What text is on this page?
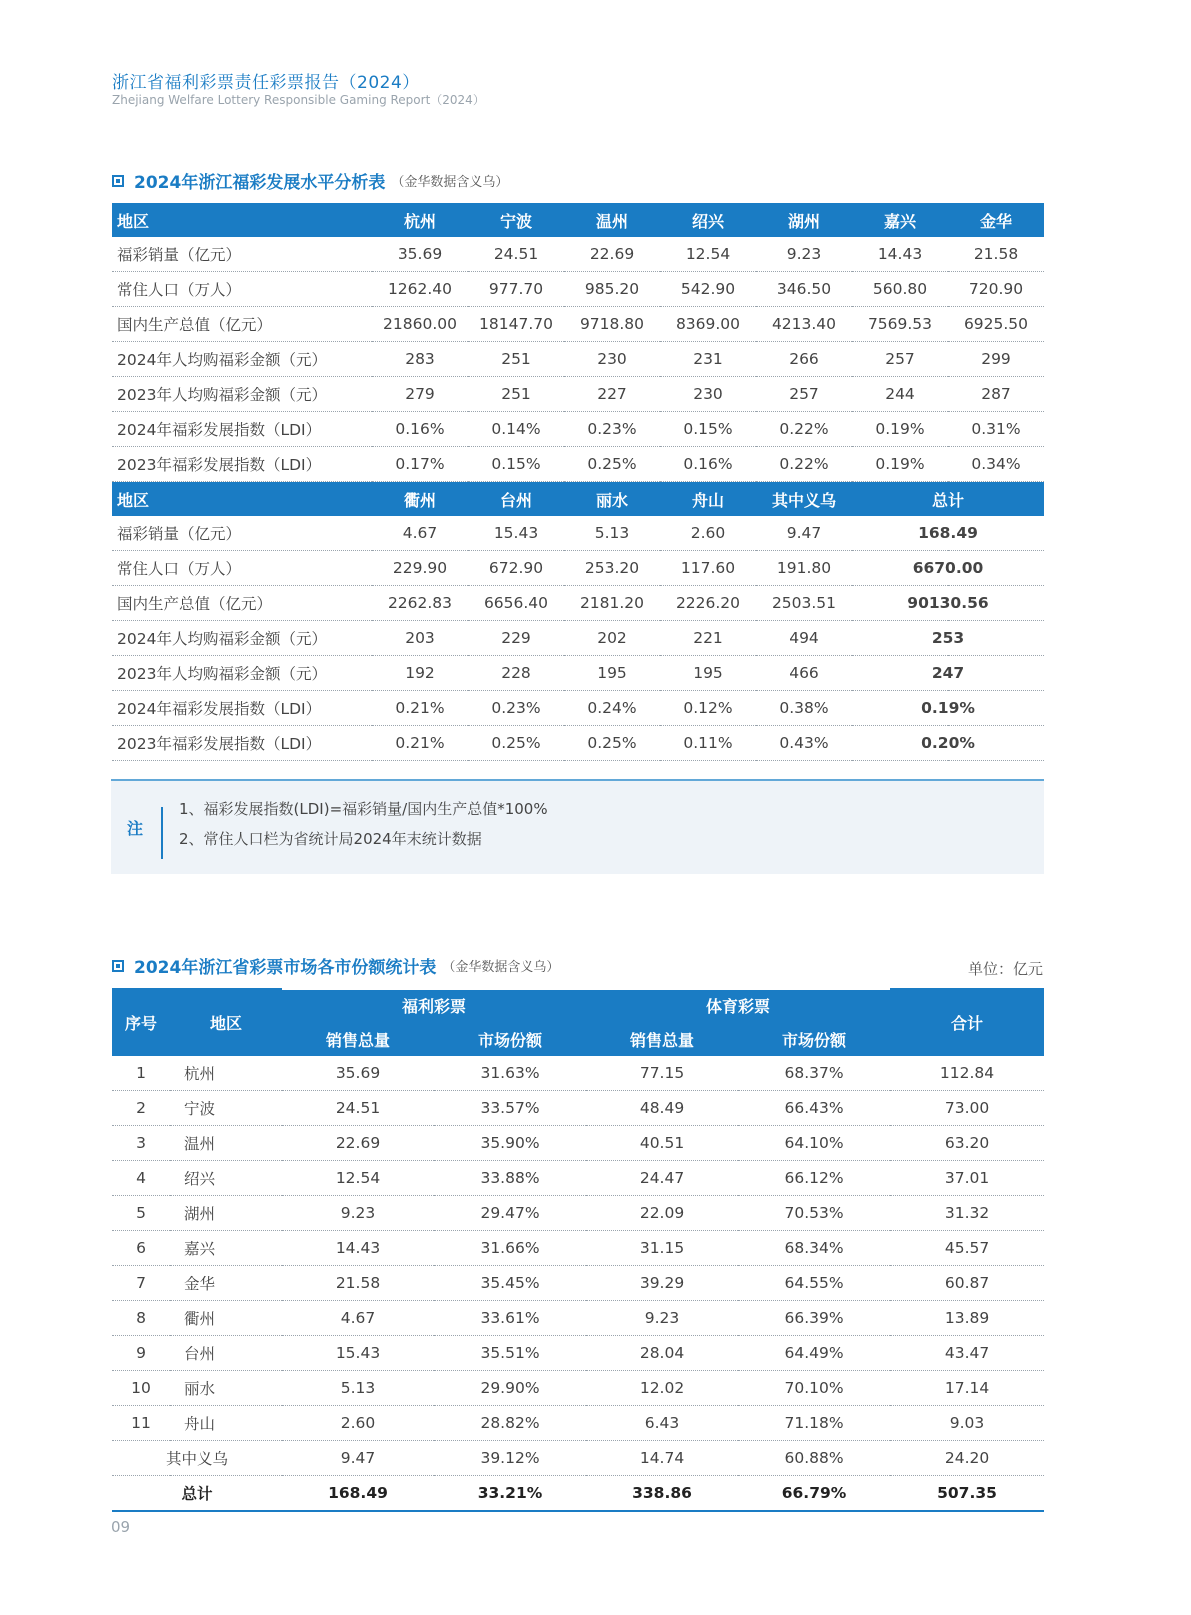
浙江省福利彩票责任彩票报告（2024）
Zhejiang Welfare Lottery Responsible Gaming Report（2024）
2024年浙江福彩发展水平分析表 （金华数据含义乌）
地区	杭州	宁波	温州	绍兴	湖州	嘉兴	金华
福彩销量（亿元）	35.69	24.51	22.69	12.54	9.23	14.43	21.58
常住人口（万人）	1262.40	977.70	985.20	542.90	346.50	560.80	720.90
国内生产总值（亿元）	21860.00	18147.70	9718.80	8369.00	4213.40	7569.53	6925.50
2024年人均购福彩金额（元）	283	251	230	231	266	257	299
2023年人均购福彩金额（元）	279	251	227	230	257	244	287
2024年福彩发展指数（LDI）	0.16%	0.14%	0.23%	0.15%	0.22%	0.19%	0.31%
2023年福彩发展指数（LDI）	0.17%	0.15%	0.25%	0.16%	0.22%	0.19%	0.34%
地区	衢州	台州	丽水	舟山	其中义乌	总计	
福彩销量（亿元）	4.67	15.43	5.13	2.60	9.47	168.49	
常住人口（万人）	229.90	672.90	253.20	117.60	191.80	6670.00	
国内生产总值（亿元）	2262.83	6656.40	2181.20	2226.20	2503.51	90130.56	
2024年人均购福彩金额（元）	203	229	202	221	494	253	
2023年人均购福彩金额（元）	192	228	195	195	466	247	
2024年福彩发展指数（LDI）	0.21%	0.23%	0.24%	0.12%	0.38%	0.19%	
2023年福彩发展指数（LDI）	0.21%	0.25%	0.25%	0.11%	0.43%	0.20%	
注
1、福彩发展指数(LDI)=福彩销量/国内生产总值*100%
2、常住人口栏为省统计局2024年末统计数据
2024年浙江省彩票市场各市份额统计表 （金华数据含义乌）	单位：亿元
序号	地区	福利彩票		体育彩票		合计
		销售总量	市场份额	销售总量	市场份额	
1	杭州	35.69	31.63%	77.15	68.37%	112.84
2	宁波	24.51	33.57%	48.49	66.43%	73.00
3	温州	22.69	35.90%	40.51	64.10%	63.20
4	绍兴	12.54	33.88%	24.47	66.12%	37.01
5	湖州	9.23	29.47%	22.09	70.53%	31.32
6	嘉兴	14.43	31.66%	31.15	68.34%	45.57
7	金华	21.58	35.45%	39.29	64.55%	60.87
8	衢州	4.67	33.61%	9.23	66.39%	13.89
9	台州	15.43	35.51%	28.04	64.49%	43.47
10	丽水	5.13	29.90%	12.02	70.10%	17.14
11	舟山	2.60	28.82%	6.43	71.18%	9.03
其中义乌		9.47	39.12%	14.74	60.88%	24.20
总计		168.49	33.21%	338.86	66.79%	507.35
09
